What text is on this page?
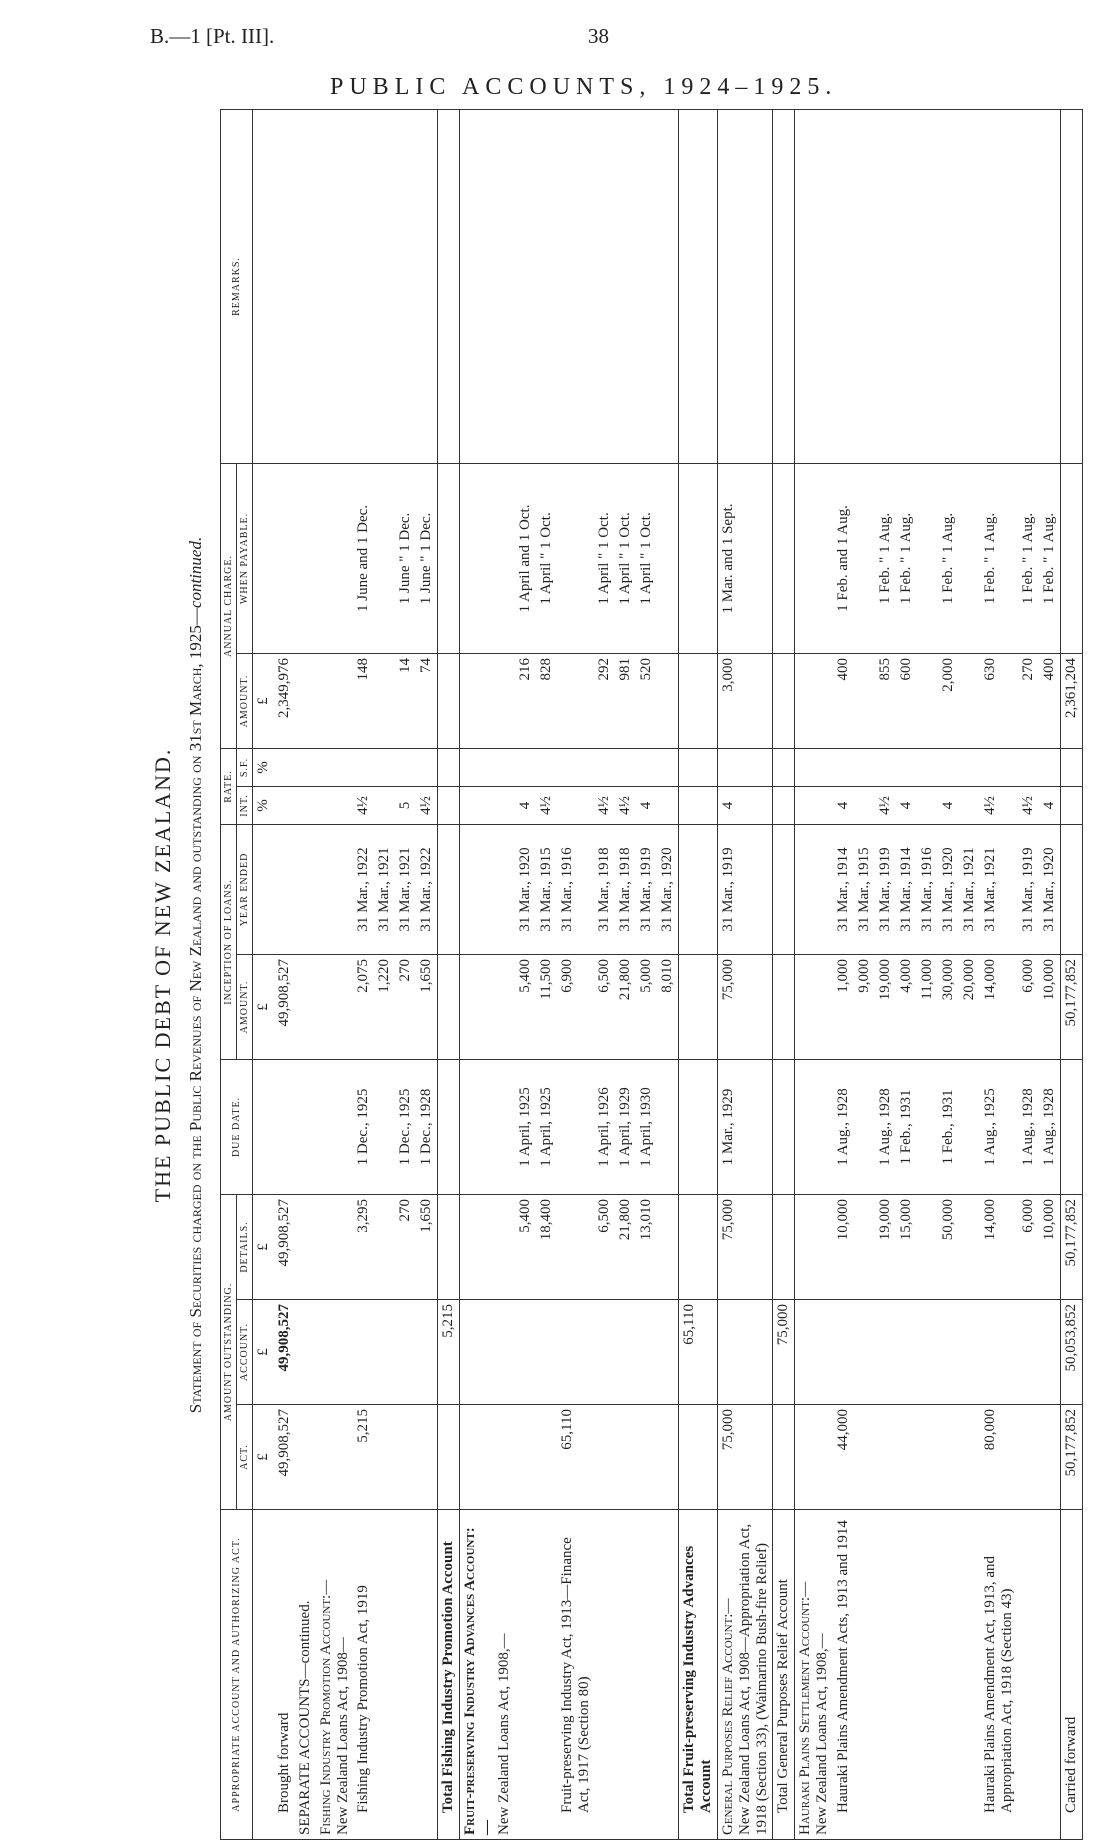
B.—1 [Pt. III].	38
PUBLIC ACCOUNTS, 1924–1925.
THE PUBLIC DEBT OF NEW ZEALAND. Statement of Securities charged on the Public Revenues of New Zealand and outstanding on 31st March, 1925—continued.
APPROPRIATE ACCOUNT AND AUTHORIZING ACT.	AMOUNT OUTSTANDING.			DUE DATE.	INCEPTION OF LOANS.		RATE.		ANNUAL CHARGE.		REMARKS.
	ACT.	ACCOUNT.	DETAILS.		AMOUNT.	YEAR ENDED	INT.	S.F.	AMOUNT.	WHEN PAYABLE.	
	£	£	£		£		%	%	£		
Brought forward	49,908,527	49,908,527	49,908,527		49,908,527				2,349,976		
SEPARATE ACCOUNTS—continued.											
Fishing Industry Promotion Account:—
New Zealand Loans Act, 1908—											
Fishing Industry Promotion Act, 1919	5,215		3,295	1 Dec., 1925	2,075	31 Mar., 1922	4½		148	1 June and 1 Dec.	
					1,220	31 Mar., 1921					
			270	1 Dec., 1925	270	31 Mar., 1921	5		14	1 June " 1 Dec.	
			1,650	1 Dec., 1928	1,650	31 Mar., 1922	4½		74	1 June " 1 Dec.	
Total Fishing Industry Promotion Account		5,215									
Fruit-preserving Industry Advances Account:—
New Zealand Loans Act, 1908,—											
			5,400	1 April, 1925	5,400	31 Mar., 1920	4		216	1 April and 1 Oct.	
			18,400	1 April, 1925	11,500	31 Mar., 1915	4½		828	1 April " 1 Oct.	
Fruit-preserving Industry Act, 1913—Finance Act, 1917 (Section 80)	65,110				6,900	31 Mar., 1916					
			6,500	1 April, 1926	6,500	31 Mar., 1918	4½		292	1 April " 1 Oct.	
			21,800	1 April, 1929	21,800	31 Mar., 1918	4½		981	1 April " 1 Oct.	
			13,010	1 April, 1930	5,000	31 Mar., 1919	4		520	1 April " 1 Oct.	
					8,010	31 Mar., 1920					
Total Fruit-preserving Industry Advances Account		65,110									
General Purposes Relief Account:—
New Zealand Loans Act, 1908—Appropriation Act, 1918 (Section 33), (Waimarino Bush-fire Relief)	75,000		75,000	1 Mar., 1929	75,000	31 Mar., 1919	4		3,000	1 Mar. and 1 Sept.	
Total General Purposes Relief Account		75,000									
Hauraki Plains Settlement Account:—
New Zealand Loans Act, 1908,—											
Hauraki Plains Amendment Acts, 1913 and 1914	44,000		10,000	1 Aug., 1928	1,000	31 Mar., 1914	4		400	1 Feb. and 1 Aug.	
					9,000	31 Mar., 1915					
			19,000	1 Aug., 1928	19,000	31 Mar., 1919	4½		855	1 Feb. " 1 Aug.	
			15,000	1 Feb., 1931	4,000	31 Mar., 1914	4		600	1 Feb. " 1 Aug.	
					11,000	31 Mar., 1916					
			50,000	1 Feb., 1931	30,000	31 Mar., 1920	4		2,000	1 Feb. " 1 Aug.	
					20,000	31 Mar., 1921					
Hauraki Plains Amendment Act, 1913, and Appropriation Act, 1918 (Section 43)	80,000		14,000	1 Aug., 1925	14,000	31 Mar., 1921	4½		630	1 Feb. " 1 Aug.	
			6,000	1 Aug., 1928	6,000	31 Mar., 1919	4½		270	1 Feb. " 1 Aug.	
			10,000	1 Aug., 1928	10,000	31 Mar., 1920	4		400	1 Feb. " 1 Aug.	
Carried forward	50,177,852	50,053,852	50,177,852		50,177,852				2,361,204		
